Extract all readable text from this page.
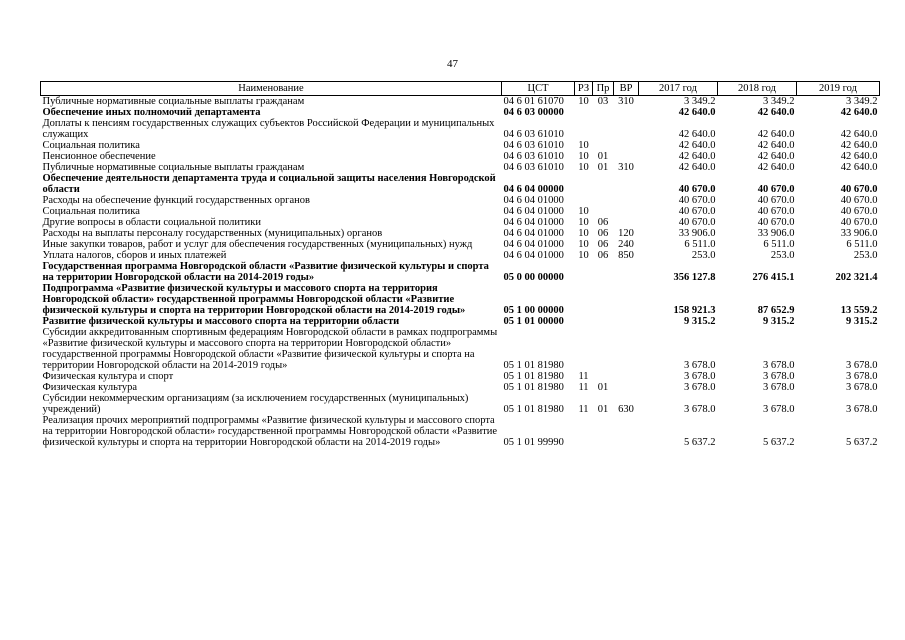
47
Наименование	ЦСТ	РЗ	Пр	ВР	2017 год	2018 год	2019 год
Публичные нормативные социальные выплаты гражданам	04 6 01 61070	10	03	310	3 349.2	3 349.2	3 349.2
Обеспечение иных полномочий департамента	04 6 03 00000				42 640.0	42 640.0	42 640.0
Доплаты к пенсиям государственных служащих субъектов Российской Федерации и муниципальных служащих	04 6 03 61010				42 640.0	42 640.0	42 640.0
Социальная политика	04 6 03 61010	10			42 640.0	42 640.0	42 640.0
Пенсионное обеспечение	04 6 03 61010	10	01		42 640.0	42 640.0	42 640.0
Публичные нормативные социальные выплаты гражданам	04 6 03 61010	10	01	310	42 640.0	42 640.0	42 640.0
Обеспечение деятельности департамента труда и социальной защиты населения Новгородской области	04 6 04 00000				40 670.0	40 670.0	40 670.0
Расходы на обеспечение функций государственных органов	04 6 04 01000				40 670.0	40 670.0	40 670.0
Социальная политика	04 6 04 01000	10			40 670.0	40 670.0	40 670.0
Другие вопросы в области социальной политики	04 6 04 01000	10	06		40 670.0	40 670.0	40 670.0
Расходы на выплаты персоналу государственных (муниципальных) органов	04 6 04 01000	10	06	120	33 906.0	33 906.0	33 906.0
Иные закупки товаров, работ и услуг для обеспечения государственных (муниципальных) нужд	04 6 04 01000	10	06	240	6 511.0	6 511.0	6 511.0
Уплата налогов, сборов и иных платежей	04 6 04 01000	10	06	850	253.0	253.0	253.0
Государственная программа Новгородской области «Развитие физической культуры и спорта на территории Новгородской области на 2014-2019 годы»	05 0 00 00000				356 127.8	276 415.1	202 321.4
Подпрограмма «Развитие физической культуры и массового спорта на территория Новгородской области» государственной программы Новгородской области «Развитие физической культуры и спорта на территории Новгородской области на 2014-2019 годы»	05 1 00 00000				158 921.3	87 652.9	13 559.2
Развитие физической культуры и массового спорта на территории области	05 1 01 00000				9 315.2	9 315.2	9 315.2
Субсидии аккредитованным спортивным федерациям Новгородской области в рамках подпрограммы «Развитие физической культуры и массового спорта на территории Новгородской области» государственной программы Новгородской области «Развитие физической культуры и спорта на территории Новгородской области на 2014-2019 годы»	05 1 01 81980				3 678.0	3 678.0	3 678.0
Физическая культура и спорт	05 1 01 81980	11			3 678.0	3 678.0	3 678.0
Физическая культура	05 1 01 81980	11	01		3 678.0	3 678.0	3 678.0
Субсидии некоммерческим организациям (за исключением государственных (муниципальных) учреждений)	05 1 01 81980	11	01	630	3 678.0	3 678.0	3 678.0
Реализация прочих мероприятий подпрограммы «Развитие физической культуры и массового спорта на территории Новгородской области» государственной программы Новгородской области «Развитие физической культуры и спорта на территории Новгородской области на 2014-2019 годы»	05 1 01 99990				5 637.2	5 637.2	5 637.2
